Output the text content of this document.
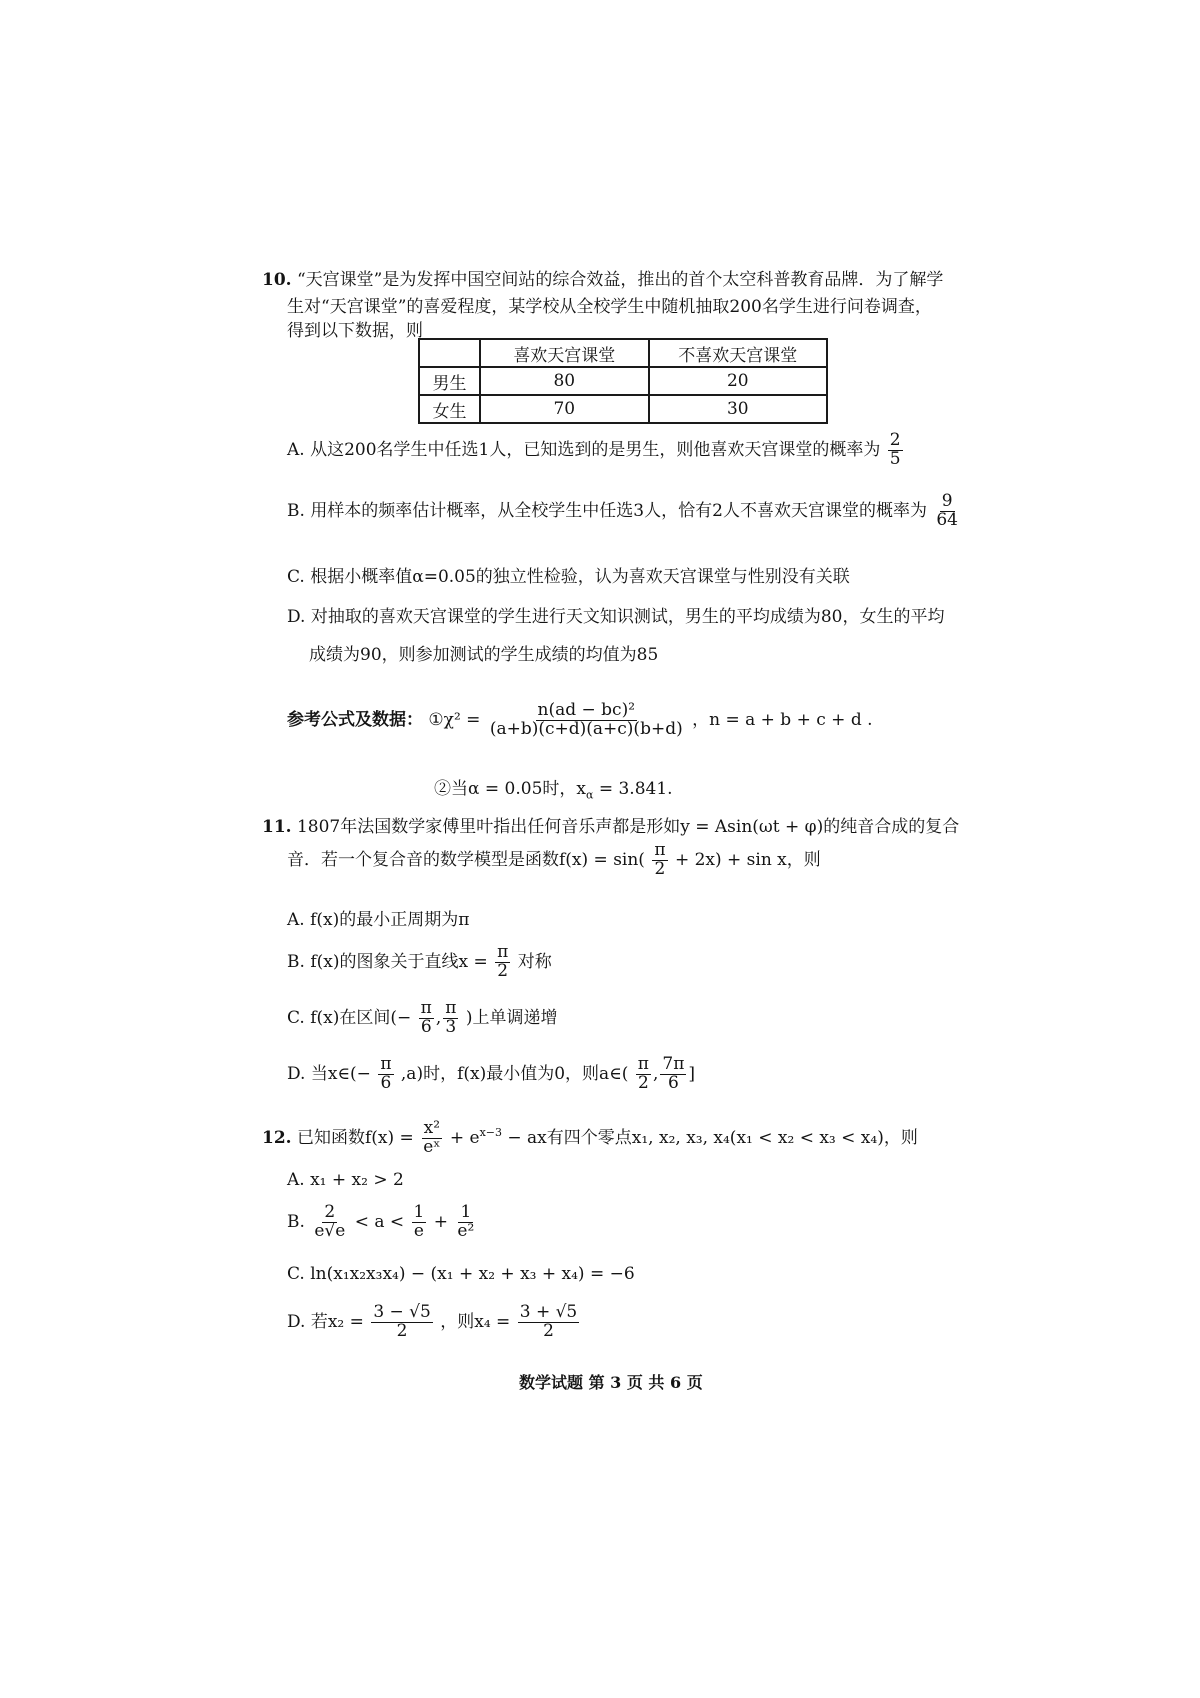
10. “天宫课堂”是为发挥中国空间站的综合效益，推出的首个太空科普教育品牌．为了解学
生对“天宫课堂”的喜爱程度，某学校从全校学生中随机抽取200名学生进行问卷调查，
得到以下数据，则
	喜欢天宫课堂	不喜欢天宫课堂
男生	80	20
女生	70	30
A. 从这200名学生中任选1人，已知选到的是男生，则他喜欢天宫课堂的概率为 $\frac{2}{5}$
B. 用样本的频率估计概率，从全校学生中任选3人，恰有2人不喜欢天宫课堂的概率为 $\frac{9}{64}$
C. 根据小概率值α=0.05的独立性检验，认为喜欢天宫课堂与性别没有关联
D. 对抽取的喜欢天宫课堂的学生进行天文知识测试，男生的平均成绩为80，女生的平均
成绩为90，则参加测试的学生成绩的均值为85
参考公式及数据： ①χ² = $\frac{\text{n(ad − bc)²}}{(a+b)(c+d)(a+c)(b+d)}$ ，n = a + b + c + d .
②当α = 0.05时，$x_\alpha = 3.841$.
11. 1807年法国数学家傅里叶指出任何音乐声都是形如y = Asin(ωt + φ)的纯音合成的复合
音．若一个复合音的数学模型是函数$f(x) = \sin( \frac{\pi}{2} + 2x) + \sin x$，则
A. f(x)的最小正周期为π
B. f(x)的图象关于直线$x = \frac{\pi}{2}$ 对称
C. f(x)在区间(− $\frac{\pi}{6}$ , $\frac{\pi}{3}$ )上单调递增
D. 当x∈(− $\frac{\pi}{6} ,a$)时，f(x)最小值为0，则a∈( $\frac{\pi}{2}$ , $\frac{7\pi}{6}$ ]
12. 已知函数$f(x) = \frac{\text{x²}}{\text{eˣ}} + e^{x-3}$ − ax有四个零点x₁, x₂, x₃, x₄(x₁ < x₂ < x₃ < x₄)，则
A. x₁ + x₂ > 2
B. $\frac{2}{e√e} < a < \frac{1}{e} + \frac{1}{\text{e²}}$
C. ln(x₁x₂x₃x₄) − (x₁ + x₂ + x₃ + x₄) = −6
D. 若$x_2 = \frac{3 - √5}{2}$ ，则$x_4 = \frac{3 + √5}{2}$
数学试题 第 3 页 共 6 页
